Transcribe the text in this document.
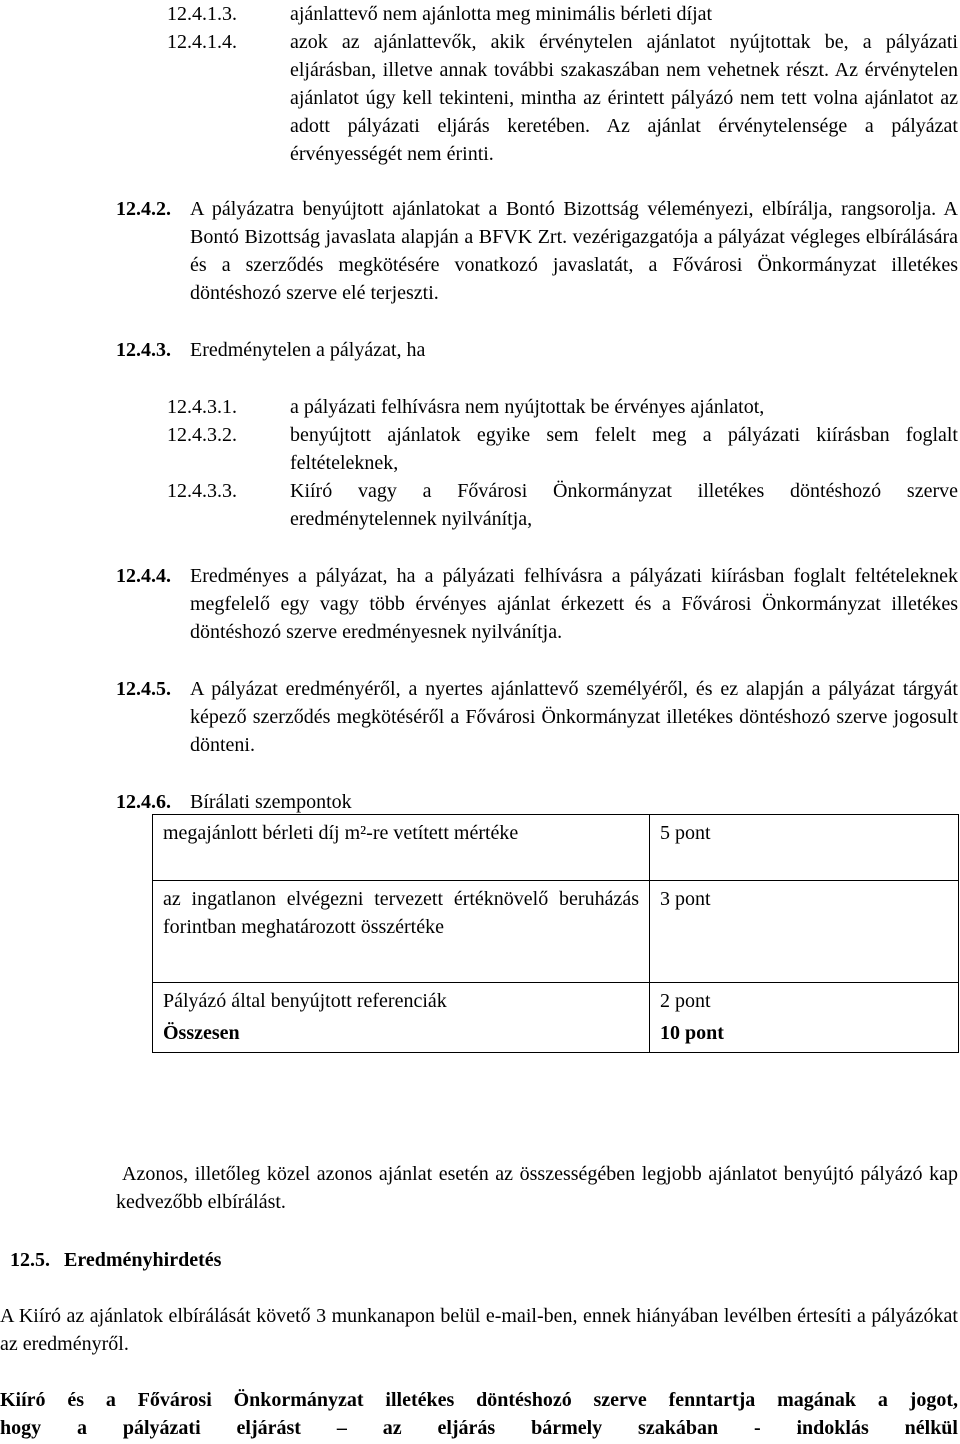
12.4.1.3.	ajánlattevő nem ajánlotta meg minimális bérleti díjat
12.4.1.4.	azok az ajánlattevők, akik érvénytelen ajánlatot nyújtottak be, a pályázati eljárásban, illetve annak további szakaszában nem vehetnek részt. Az érvénytelen ajánlatot úgy kell tekinteni, mintha az érintett pályázó nem tett volna ajánlatot az adott pályázati eljárás keretében. Az ajánlat érvénytelensége a pályázat érvényességét nem érinti.
12.4.2. A pályázatra benyújtott ajánlatokat a Bontó Bizottság véleményezi, elbírálja, rangsorolja. A Bontó Bizottság javaslata alapján a BFVK Zrt. vezérigazgatója a pályázat végleges elbírálására és a szerződés megkötésére vonatkozó javaslatát, a Fővárosi Önkormányzat illetékes döntéshozó szerve elé terjeszti.
12.4.3. Eredménytelen a pályázat, ha
12.4.3.1.	a pályázati felhívásra nem nyújtottak be érvényes ajánlatot,
12.4.3.2.	benyújtott ajánlatok egyike sem felelt meg a pályázati kiírásban foglalt feltételeknek,
12.4.3.3.	Kiíró vagy a Fővárosi Önkormányzat illetékes döntéshozó szerve eredménytelennek nyilvánítja,
12.4.4. Eredményes a pályázat, ha a pályázati felhívásra a pályázati kiírásban foglalt feltételeknek megfelelő egy vagy több érvényes ajánlat érkezett és a Fővárosi Önkormányzat illetékes döntéshozó szerve eredményesnek nyilvánítja.
12.4.5. A pályázat eredményéről, a nyertes ajánlattevő személyéről, és ez alapján a pályázat tárgyát képező szerződés megkötéséről a Fővárosi Önkormányzat illetékes döntéshozó szerve jogosult dönteni.
12.4.6. Bírálati szempontok
megajánlott bérleti díj m²-re vetített mértéke	5 pont
az ingatlanon elvégezni tervezett értéknövelő beruházás forintban meghatározott összértéke	3 pont
Pályázó által benyújtott referenciák	2 pont
Összesen	10 pont
Azonos, illetőleg közel azonos ajánlat esetén az összességében legjobb ajánlatot benyújtó pályázó kap kedvezőbb elbírálást.
12.5. Eredményhirdetés
A Kiíró az ajánlatok elbírálását követő 3 munkanapon belül e-mail-ben, ennek hiányában levélben értesíti a pályázókat az eredményről.
Kiíró és a Fővárosi Önkormányzat illetékes döntéshozó szerve fenntartja magának a jogot,
hogy a pályázati eljárást – az eljárás bármely szakában - indoklás nélkül
